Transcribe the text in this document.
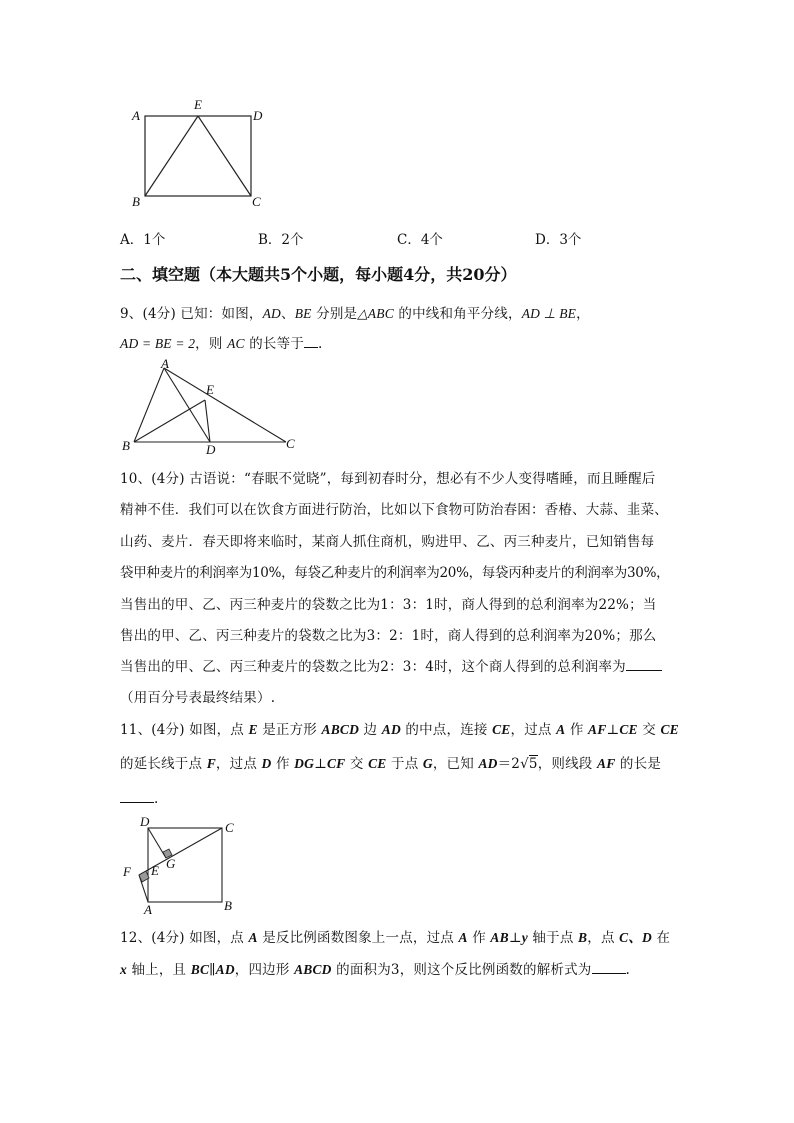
A
E
D
B	C
A．1个	B．2个	C．4个	D．3个
二、填空题（本大题共5个小题，每小题4分，共20分）
9、(4分) 已知：如图，AD、BE 分别是△ABC 的中线和角平分线，AD ⊥ BE，
AD = BE = 2，则 AC 的长等于 .
A
E
B	D	C
10、(4分) 古语说：“春眠不觉晓”，每到初春时分，想必有不少人变得嗜睡，而且睡醒后
精神不佳．我们可以在饮食方面进行防治，比如以下食物可防治春困：香椿、大蒜、韭菜、
山药、麦片．春天即将来临时，某商人抓住商机，购进甲、乙、丙三种麦片，已知销售每
袋甲种麦片的利润率为10%，每袋乙种麦片的利润率为20%，每袋丙种麦片的利润率为30%，
当售出的甲、乙、丙三种麦片的袋数之比为1：3：1时，商人得到的总利润率为22%；当
售出的甲、乙、丙三种麦片的袋数之比为3：2：1时，商人得到的总利润率为20%；那么
当售出的甲、乙、丙三种麦片的袋数之比为2：3：4时，这个商人得到的总利润率为
（用百分号表最终结果）.
11、(4分) 如图，点 E 是正方形 ABCD 边 AD 的中点，连接 CE，过点 A 作 AF⊥CE 交 CE
的延长线于点 F，过点 D 作 DG⊥CF 交 CE 于点 G，已知 AD＝2√5，则线段 AF 的长是
.
D	C
G
E
F
A	B
12、(4分) 如图，点 A 是反比例函数图象上一点，过点 A 作 AB⊥y 轴于点 B，点 C、D 在
x 轴上，且 BC∥AD，四边形 ABCD 的面积为3，则这个反比例函数的解析式为	.
